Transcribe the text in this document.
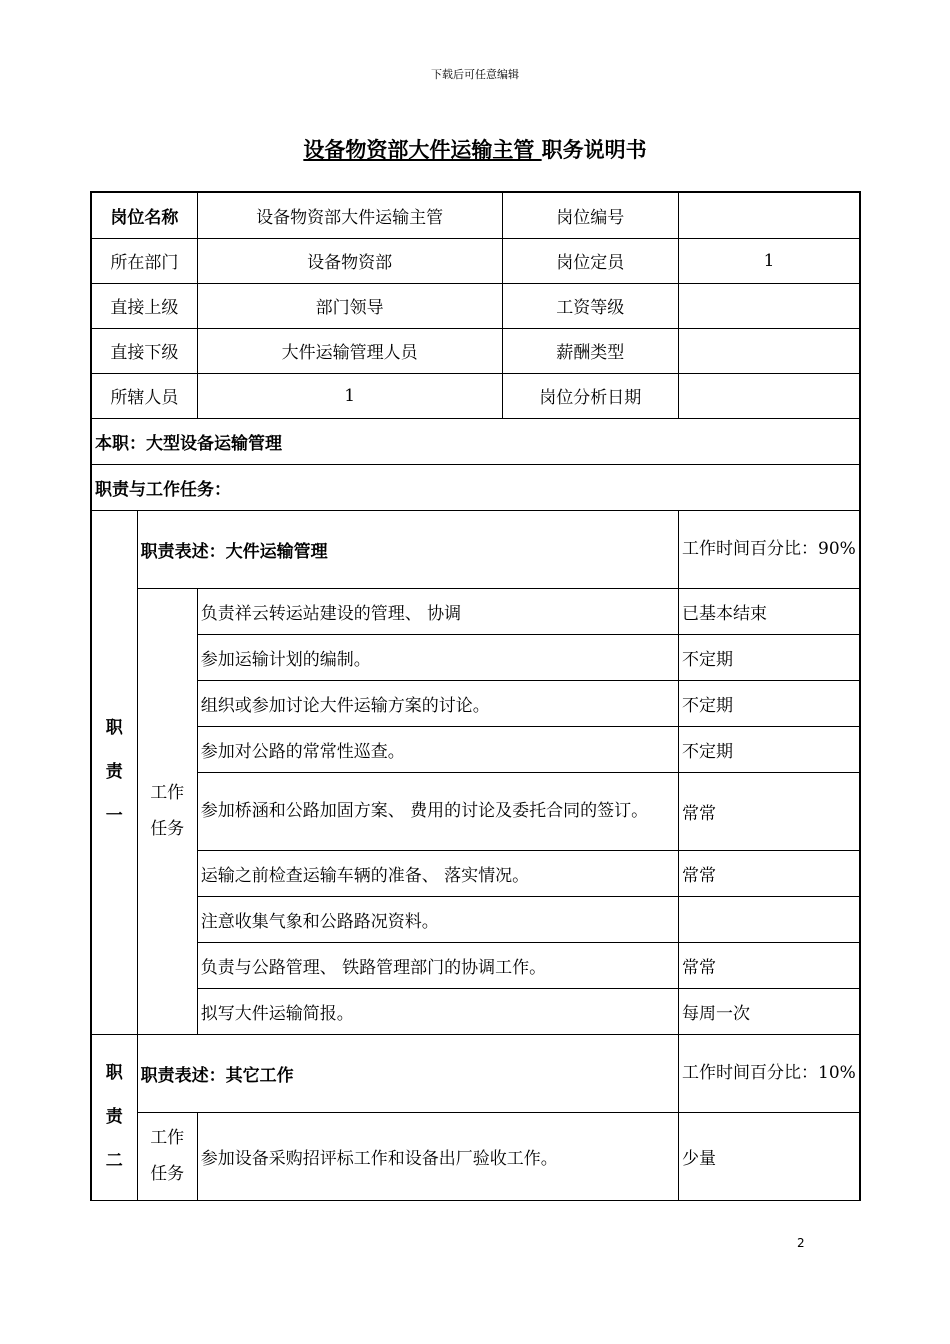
下载后可任意编辑
设备物资部大件运输主管 职务说明书
岗位名称		设备物资部大件运输主管	岗位编号	
所在部门		设备物资部	岗位定员	1
直接上级		部门领导	工资等级	
直接下级		大件运输管理人员	薪酬类型	
所辖人员		1	岗位分析日期	
本职：大型设备运输管理				
职责与工作任务：				
职
责
一	职责表述：大件运输管理			工作时间百分比：90%
	工作
任务	负责祥云转运站建设的管理、 协调		已基本结束
		参加运输计划的编制。		不定期
		组织或参加讨论大件运输方案的讨论。		不定期
		参加对公路的常常性巡查。		不定期
		参加桥涵和公路加固方案、 费用的讨论及委托合同的签订。		常常
		运输之前检查运输车辆的准备、 落实情况。		常常
		注意收集气象和公路路况资料。		
		负责与公路管理、 铁路管理部门的协调工作。		常常
		拟写大件运输简报。		每周一次
职
责
二	职责表述：其它工作			工作时间百分比：10%
	工作
任务	参加设备采购招评标工作和设备出厂验收工作。		少量
2
